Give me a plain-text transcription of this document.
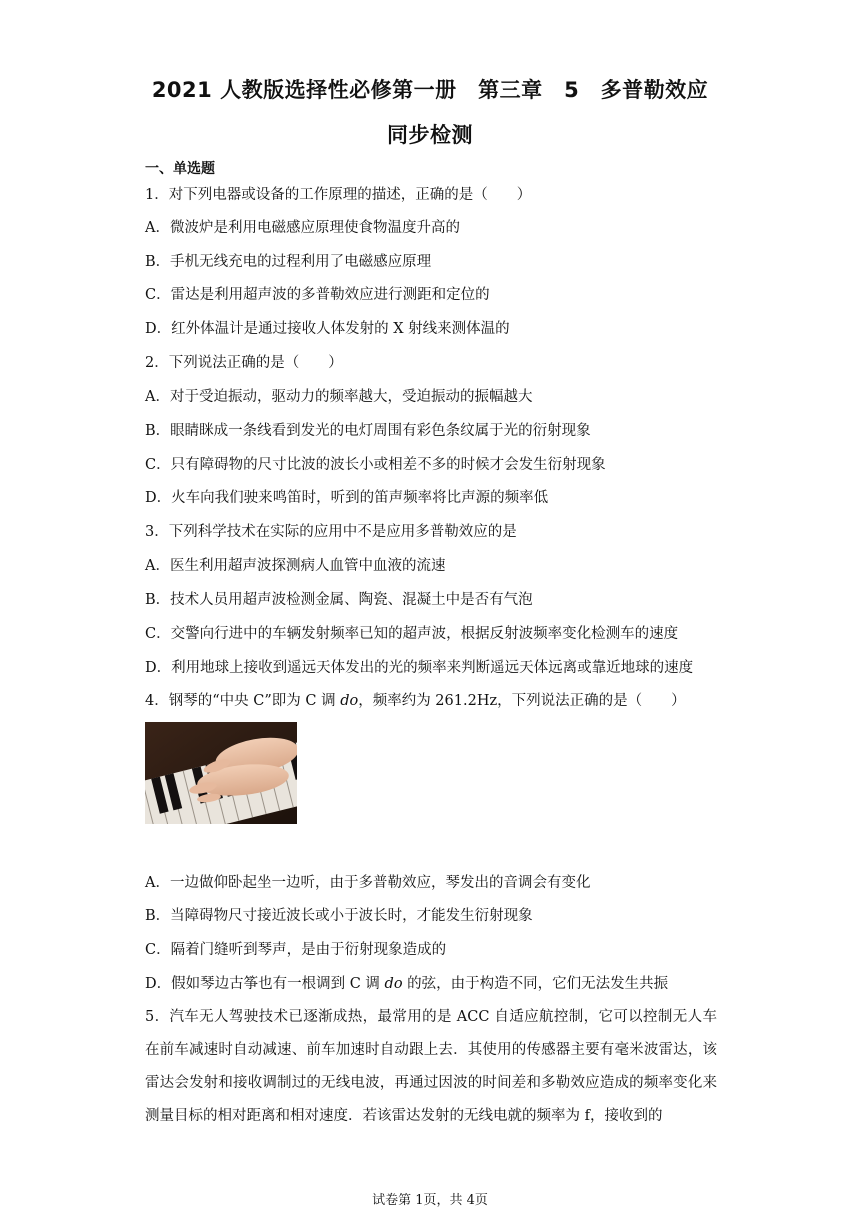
2021 人教版选择性必修第一册　第三章　5　多普勒效应
同步检测
一、单选题
1．对下列电器或设备的工作原理的描述，正确的是（　　）
A．微波炉是利用电磁感应原理使食物温度升高的
B．手机无线充电的过程利用了电磁感应原理
C．雷达是利用超声波的多普勒效应进行测距和定位的
D．红外体温计是通过接收人体发射的 X 射线来测体温的
2．下列说法正确的是（　　）
A．对于受迫振动，驱动力的频率越大，受迫振动的振幅越大
B．眼睛眯成一条线看到发光的电灯周围有彩色条纹属于光的衍射现象
C．只有障碍物的尺寸比波的波长小或相差不多的时候才会发生衍射现象
D．火车向我们驶来鸣笛时，听到的笛声频率将比声源的频率低
3．下列科学技术在实际的应用中不是应用多普勒效应的是
A．医生利用超声波探测病人血管中血液的流速
B．技术人员用超声波检测金属、陶瓷、混凝土中是否有气泡
C．交警向行进中的车辆发射频率已知的超声波，根据反射波频率变化检测车的速度
D．利用地球上接收到遥远天体发出的光的频率来判断遥远天体远离或靠近地球的速度
4．钢琴的“中央 C”即为 C 调 do，频率约为 261.2Hz，下列说法正确的是（　　）
A．一边做仰卧起坐一边听，由于多普勒效应，琴发出的音调会有变化
B．当障碍物尺寸接近波长或小于波长时，才能发生衍射现象
C．隔着门缝听到琴声，是由于衍射现象造成的
D．假如琴边古筝也有一根调到 C 调 do 的弦，由于构造不同，它们无法发生共振
5．汽车无人驾驶技术已逐渐成热，最常用的是 ACC 自适应航控制，它可以控制无人车在前车减速时自动减速、前车加速时自动跟上去．其使用的传感器主要有毫米波雷达，该雷达会发射和接收调制过的无线电波，再通过因波的时间差和多勒效应造成的频率变化来测量目标的相对距离和相对速度．若该雷达发射的无线电就的频率为 f，接收到的
试卷第 1页，共 4页
